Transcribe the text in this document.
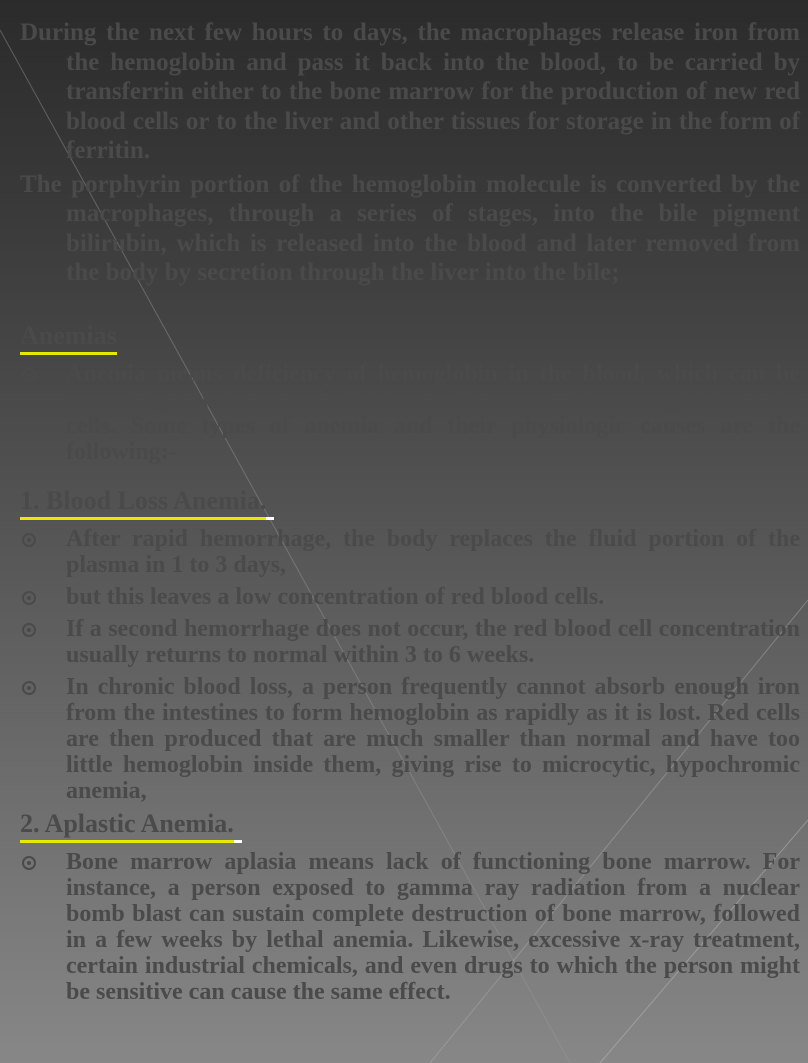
During the next few hours to days, the macrophages release iron from the hemoglobin and pass it back into the blood, to be carried by transferrin either to the bone marrow for the production of new red blood cells or to the liver and other tissues for storage in the form of ferritin.

The porphyrin portion of the hemoglobin molecule is converted by the macrophages, through a series of stages, into the bile pigment bilirubin, which is released into the blood and later removed from the body by secretion through the liver into the bile;

Anemias
Anemia means deficiency of hemoglobin in the blood, which can be caused by either too few red blood cells or too little hemoglobin in the cells. Some types of anemia and their physiologic causes are the following:-
1. Blood Loss Anemia.
After rapid hemorrhage, the body replaces the fluid portion of the plasma in 1 to 3 days,
but this leaves a low concentration of red blood cells.
If a second hemorrhage does not occur, the red blood cell concentration usually returns to normal within 3 to 6 weeks.
In chronic blood loss, a person frequently cannot absorb enough iron from the intestines to form hemoglobin as rapidly as it is lost. Red cells are then produced that are much smaller than normal and have too little hemoglobin inside them, giving rise to microcytic, hypochromic anemia,
2. Aplastic Anemia.
Bone marrow aplasia means lack of functioning bone marrow. For instance, a person exposed to gamma ray radiation from a nuclear bomb blast can sustain complete destruction of bone marrow, followed in a few weeks by lethal anemia. Likewise, excessive x-ray treatment, certain industrial chemicals, and even drugs to which the person might be sensitive can cause the same effect.
